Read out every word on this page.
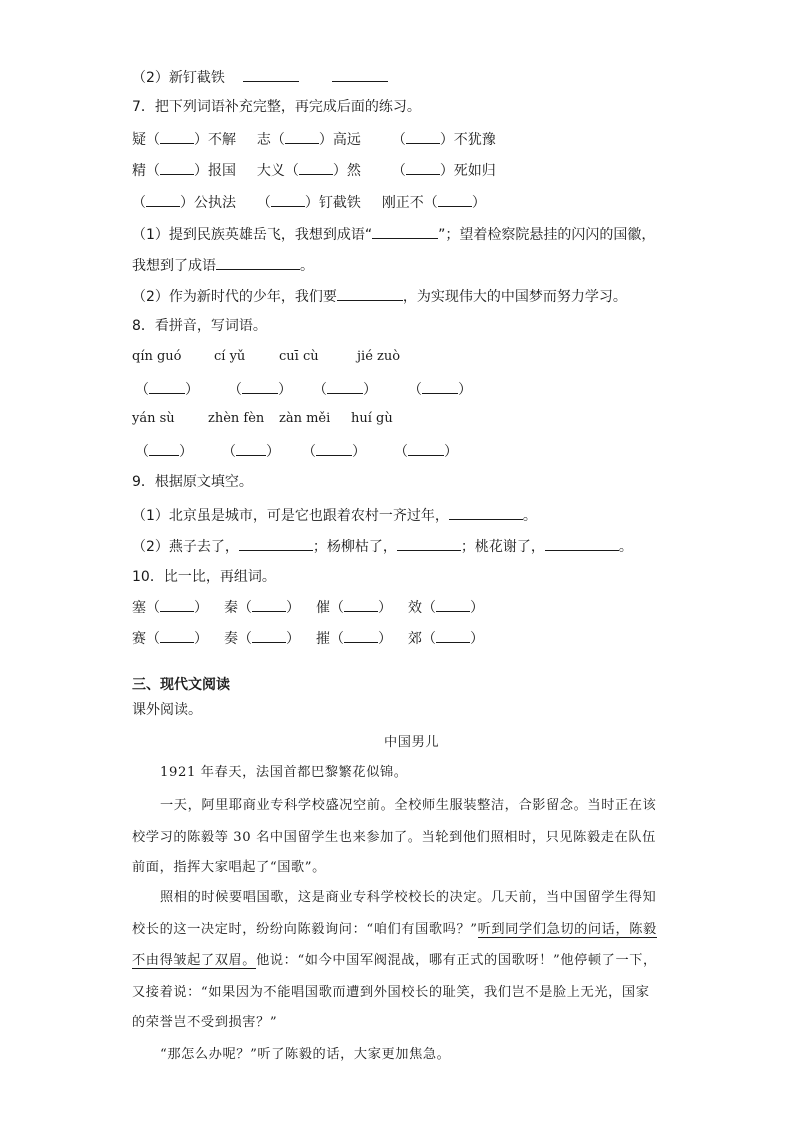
（2）新钉截铁
7．把下列词语补充完整，再完成后面的练习。
疑（ ）不解 志（ ）高远 （ ）不犹豫
精（ ）报国 大义（ ）然 （ ）死如归
（ ）公执法 （ ）钉截铁 刚正不（ ）
（1）提到民族英雄岳飞，我想到成语“	”；望着检察院悬挂的闪闪的国徽，
我想到了成语	。
（2）作为新时代的少年，我们要	，为实现伟大的中国梦而努力学习。
8．看拼音，写词语。
qín guó cí yǔ	cuī cù	jié zuò
（	） （	） （	） （	）
yán sù	zhèn fèn zàn měi huí gù
（ ） （ ） （	） （	）
9．根据原文填空。
（1）北京虽是城市，可是它也跟着农村一齐过年，	。
（2）燕子去了，	；杨柳枯了，	；桃花谢了，	。
10．比一比，再组词。
塞（ ） 秦（ ） 催（ ） 效（ ）
赛（ ） 奏（ ） 摧（ ） 郊（ ）
三、现代文阅读
课外阅读。
中国男儿
1921 年春天，法国首都巴黎繁花似锦。
一天，阿里耶商业专科学校盛况空前。全校师生服装整洁，合影留念。当时正在该
校学习的陈毅等 30 名中国留学生也来参加了。当轮到他们照相时，只见陈毅走在队伍
前面，指挥大家唱起了“国歌”。
照相的时候要唱国歌，这是商业专科学校校长的决定。几天前，当中国留学生得知
校长的这一决定时，纷纷向陈毅询问：“咱们有国歌吗？”听到同学们急切的问话，陈毅
不由得皱起了双眉。他说：“如今中国军阀混战，哪有正式的国歌呀！”他停顿了一下，
又接着说：“如果因为不能唱国歌而遭到外国校长的耻笑，我们岂不是脸上无光，国家
的荣誉岂不受到损害？”
“那怎么办呢？”听了陈毅的话，大家更加焦急。
